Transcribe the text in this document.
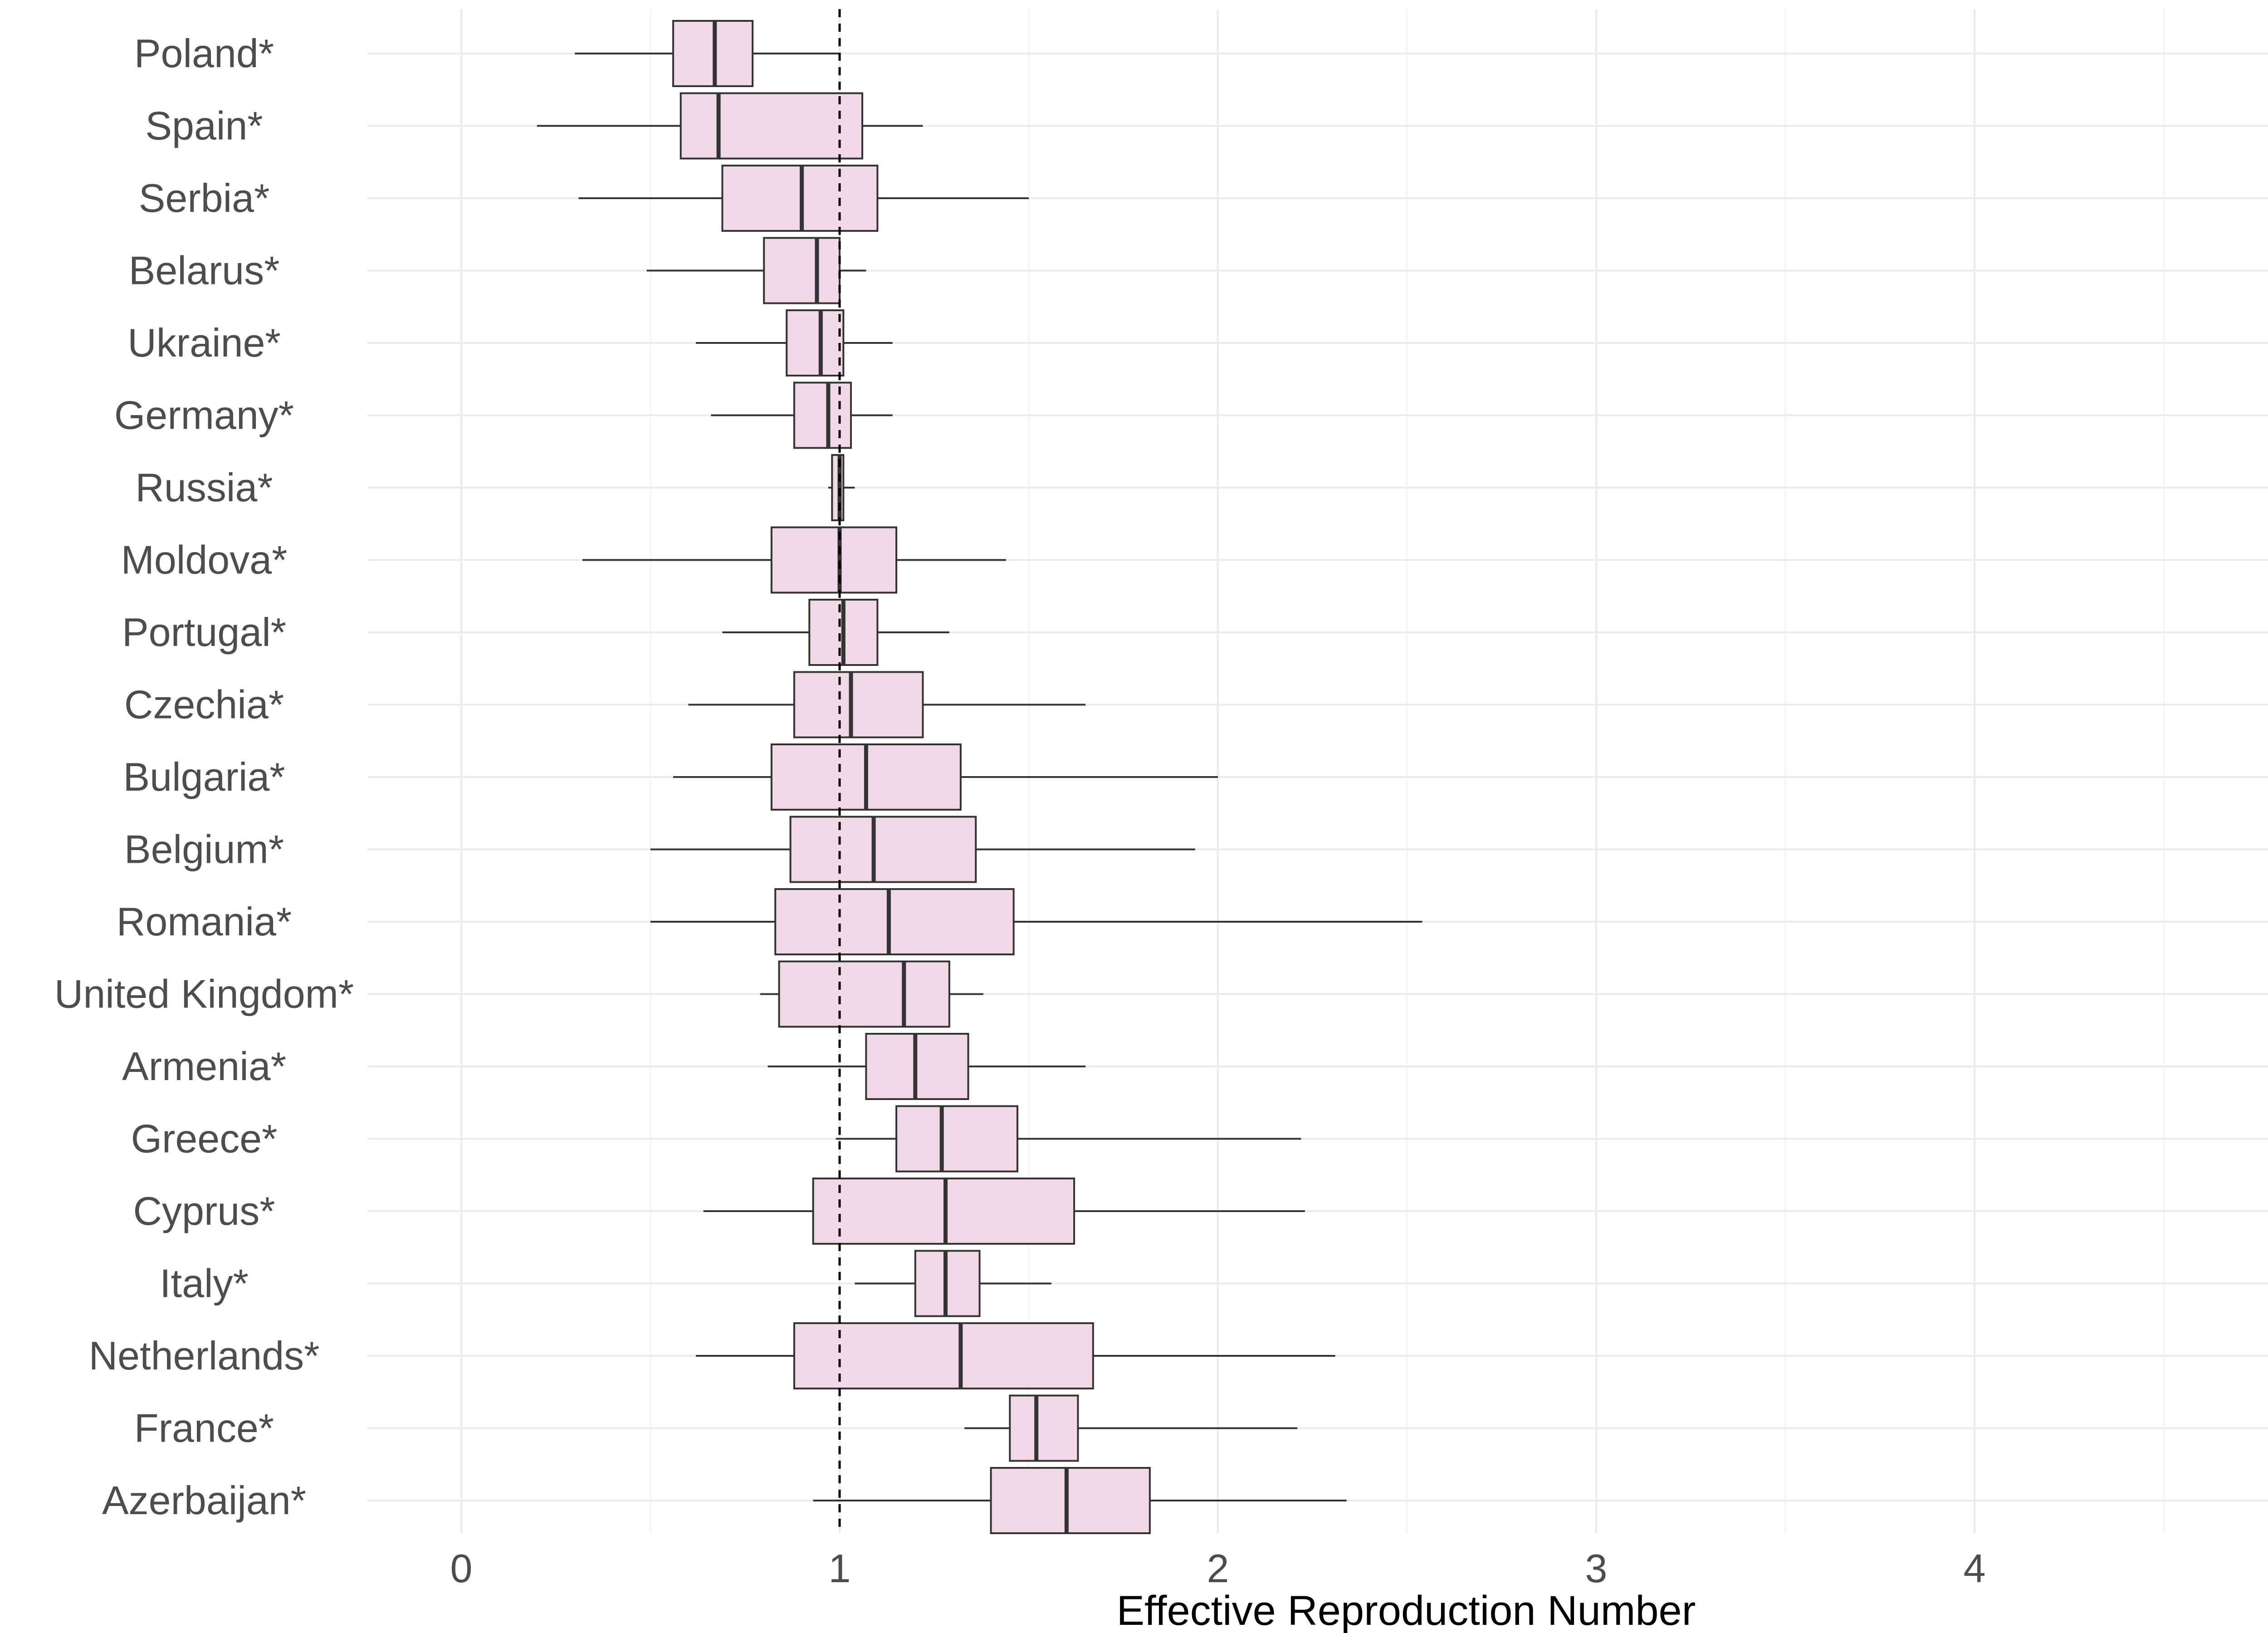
Poland*
Spain*
Serbia*
Belarus*
Ukraine*
Germany*
Russia*
Moldova*
Portugal*
Czechia*
Bulgaria*
Belgium*
Romania*
United Kingdom*
Armenia*
Greece*
Cyprus*
Italy*
Netherlands*
France*
Azerbaijan*
0	1	2	3	4
Effective Reproduction Number
